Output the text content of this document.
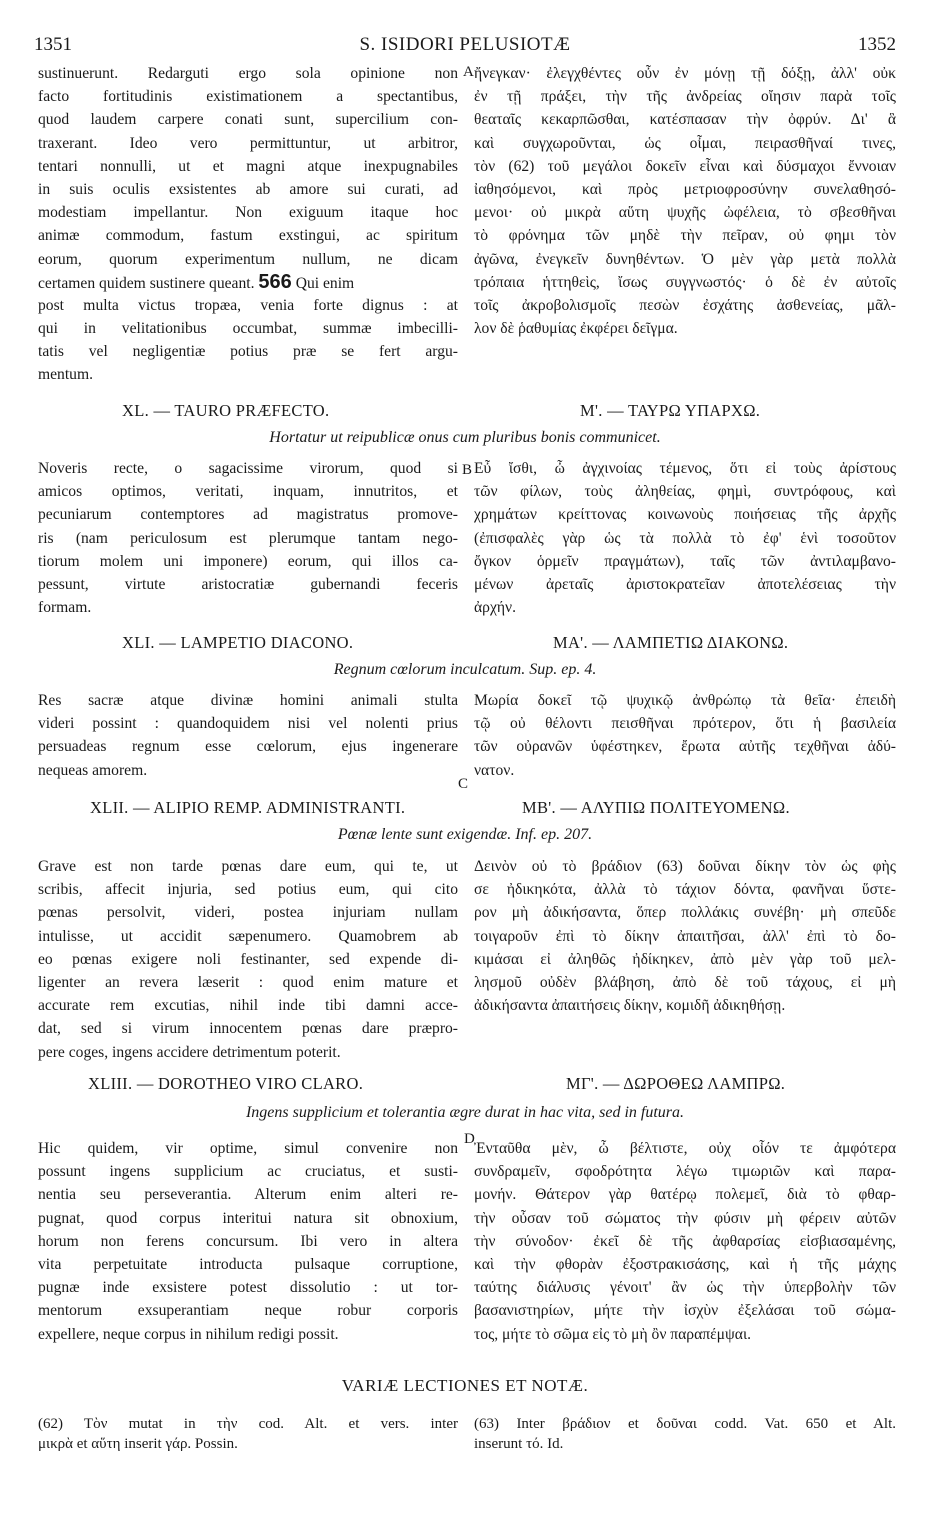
1351	S. ISIDORI PELUSIOTÆ	1352
sustinuerunt. Redarguti ergo sola opinione non
facto fortitudinis existimationem a spectantibus,
quod laudem carpere conati sunt, supercilium con-
traxerant. Ideo vero permittuntur, ut arbitror,
tentari nonnulli, ut et magni atque inexpugnabiles
in suis oculis exsistentes ab amore sui curati, ad
modestiam impellantur. Non exiguum itaque hoc
animæ commodum, fastum exstingui, ac spiritum
eorum, quorum experimentum nullum, ne dicam
certamen quidem sustinere queant. 566 Qui enim
post multa victus tropæa, venia forte dignus : at
qui in velitationibus occumbat, summæ imbecilli-
tatis vel negligentiæ potius præ se fert argu-
mentum.
A ἤνεγκαν· ἐλεγχθέντες οὖν ἐν μόνῃ τῇ δόξῃ, ἀλλ' οὐκ
ἐν τῇ πράξει, τὴν τῆς ἀνδρείας οἴησιν παρὰ τοῖς
θεαταῖς κεκαρπῶσθαι, κατέσπασαν τὴν ὀφρύν. Δι' ἃ
καὶ συγχωροῦνται, ὡς οἶμαι, πειρασθῆναί τινες,
τὸν (62) τοῦ μεγάλοι δοκεῖν εἶναι καὶ δύσμαχοι ἔννοιαν
ἰαθησόμενοι, καὶ πρὸς μετριοφροσύνην συνελαθησό-
μενοι· οὐ μικρὰ αὕτη ψυχῆς ὠφέλεια, τὸ σβεσθῆναι
τὸ φρόνημα τῶν μηδὲ τὴν πεῖραν, οὐ φημι τὸν
ἀγῶνα, ἐνεγκεῖν δυνηθέντων. Ὁ μὲν γὰρ μετὰ πολλὰ
τρόπαια ἡττηθεὶς, ἴσως συγγνωστός· ὁ δὲ ἐν αὐτοῖς
τοῖς ἀκροβολισμοῖς πεσὼν ἐσχάτης ἀσθενείας, μᾶλ-
λον δὲ ῥαθυμίας ἐκφέρει δεῖγμα.
XL. — TAURO PRÆFECTO.	Μ'. — ΤΑΥΡΩ ΥΠΑΡΧΩ.
Hortatur ut reipublicæ onus cum pluribus bonis communicet.
Noveris recte, o sagacissime virorum, quod si
amicos optimos, veritati, inquam, innutritos, et
pecuniarum contemptores ad magistratus promove-
ris (nam periculosum est plerumque tantam nego-
tiorum molem uni imponere) eorum, qui illos ca-
pessunt, virtute aristocratiæ gubernandi feceris
formam.
B Εὖ ἴσθι, ὦ ἀγχινοίας τέμενος, ὅτι εἰ τοὺς ἀρίστους
τῶν φίλων, τοὺς ἀληθείας, φημὶ, συντρόφους, καὶ
χρημάτων κρείττονας κοινωνοὺς ποιήσειας τῆς ἀρχῆς
(ἐπισφαλὲς γὰρ ὡς τὰ πολλὰ τὸ ἐφ' ἑνὶ τοσοῦτον
ὄγκον ὁρμεῖν πραγμάτων), ταῖς τῶν ἀντιλαμβανο-
μένων ἀρεταῖς ἀριστοκρατεῖαν ἀποτελέσειας τὴν
ἀρχήν.
XLI. — LAMPETIO DIACONO.	ΜΑ'. — ΛΑΜΠΕΤΙΩ ΔΙΑΚΟΝΩ.
Regnum cœlorum inculcatum. Sup. ep. 4.
Res sacræ atque divinæ homini animali stulta
videri possint : quandoquidem nisi vel nolenti prius
persuadeas regnum esse cœlorum, ejus ingenerare
nequeas amorem.
C
Μωρία δοκεῖ τῷ ψυχικῷ ἀνθρώπῳ τὰ θεῖα· ἐπειδὴ
τῷ οὐ θέλοντι πεισθῆναι πρότερον, ὅτι ἡ βασιλεία
τῶν οὐρανῶν ὑφέστηκεν, ἔρωτα αὐτῆς τεχθῆναι ἀδύ-
νατον.
XLII. — ALIPIO REMP. ADMINISTRANTI.	ΜΒ'. — ΑΛΥΠΙΩ ΠΟΛΙΤΕΥΟΜΕΝΩ.
Pœnæ lente sunt exigendæ. Inf. ep. 207.
Grave est non tarde pœnas dare eum, qui te, ut
scribis, affecit injuria, sed potius eum, qui cito
pœnas persolvit, videri, postea injuriam nullam
intulisse, ut accidit sæpenumero. Quamobrem ab
eo pœnas exigere noli festinanter, sed expende di-
ligenter an revera læserit : quod enim mature et
accurate rem excutias, nihil inde tibi damni acce-
dat, sed si virum innocentem pœnas dare præpro-
pere coges, ingens accidere detrimentum poterit.
Δεινὸν οὐ τὸ βράδιον (63) δοῦναι δίκην τὸν ὡς φὴς
σε ἠδικηκότα, ἀλλὰ τὸ τάχιον δόντα, φανῆναι ὕστε-
ρον μὴ ἀδικήσαντα, ὅπερ πολλάκις συνέβη· μὴ σπεῦδε
τοιγαροῦν ἐπὶ τὸ δίκην ἀπαιτῆσαι, ἀλλ' ἐπὶ τὸ δο-
κιμάσαι εἰ ἀληθῶς ἠδίκηκεν, ἀπὸ μὲν γὰρ τοῦ μελ-
λησμοῦ οὐδὲν βλάβηση, ἀπὸ δὲ τοῦ τάχους, εἰ μὴ
ἀδικήσαντα ἀπαιτήσεις δίκην, κομιδῆ ἀδικηθήσῃ.
XLIII. — DOROTHEO VIRO CLARO.	ΜΓ'. — ΔΩΡΟΘΕΩ ΛΑΜΠΡΩ.
Ingens supplicium et tolerantia ægre durat in hac vita, sed in futura.
Hic quidem, vir optime, simul convenire non
possunt ingens supplicium ac cruciatus, et susti-
nentia seu perseverantia. Alterum enim alteri re-
pugnat, quod corpus interitui natura sit obnoxium,
horum non ferens concursum. Ibi vero in altera
vita perpetuitate introducta pulsaque corruptione,
pugnæ inde exsistere potest dissolutio : ut tor-
mentorum exsuperantiam neque robur corporis
expellere, neque corpus in nihilum redigi possit.
D
Ἐνταῦθα μὲν, ὦ βέλτιστε, οὐχ οἷόν τε ἀμφότερα
συνδραμεῖν, σφοδρότητα λέγω τιμωριῶν καὶ παρα-
μονήν. Θάτερον γὰρ θατέρῳ πολεμεῖ, διὰ τὸ φθαρ-
τὴν οὖσαν τοῦ σώματος τὴν φύσιν μὴ φέρειν αὐτῶν
τὴν σύνοδον· ἐκεῖ δὲ τῆς ἀφθαρσίας εἰσβιασαμένης,
καὶ τὴν φθορὰν ἐξοστρακισάσης, καὶ ἡ τῆς μάχης
ταύτης διάλυσις γένοιτ' ἂν ὡς τὴν ὑπερβολὴν τῶν
βασανιστηρίων, μήτε τὴν ἰσχὺν ἐξελάσαι τοῦ σώμα-
τος, μήτε τὸ σῶμα εἰς τὸ μὴ ὂν παραπέμψαι.
VARIÆ LECTIONES ET NOTÆ.
(62) Τὸν mutat in τὴν cod. Alt. et vers. inter
μικρὰ et αὕτη inserit γάρ. Possin.
(63) Inter βράδιον et δοῦναι codd. Vat. 650 et Alt.
inserunt τό. Id.
